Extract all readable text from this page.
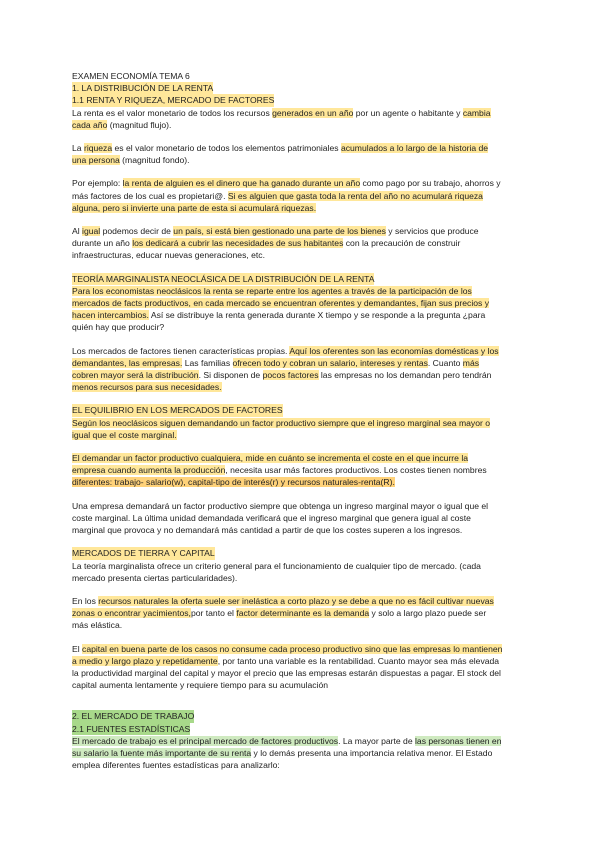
EXAMEN ECONOMÍA TEMA 6
1. LA DISTRIBUCIÓN DE LA RENTA
1.1 RENTA Y RIQUEZA, MERCADO DE FACTORES
La renta es el valor monetario de todos los recursos generados en un año por un agente o habitante y cambia
cada año (magnitud flujo).
La riqueza es el valor monetario de todos los elementos patrimoniales acumulados a lo largo de la historia de
una persona (magnitud fondo).
Por ejemplo: la renta de alguien es el dinero que ha ganado durante un año como pago por su trabajo, ahorros y
más factores de los cual es propietari@. Si es alguien que gasta toda la renta del año no acumulará riqueza
alguna, pero si invierte una parte de esta si acumulará riquezas.
Al igual podemos decir de un país, si está bien gestionado una parte de los bienes y servicios que produce
durante un año los dedicará a cubrir las necesidades de sus habitantes con la precaución de construir
infraestructuras, educar nuevas generaciones, etc.
TEORÍA MARGINALISTA NEOCLÁSICA DE LA DISTRIBUCIÓN DE LA RENTA
Para los economistas neoclásicos la renta se reparte entre los agentes a través de la participación de los
mercados de facts productivos, en cada mercado se encuentran oferentes y demandantes, fijan sus precios y
hacen intercambios. Así se distribuye la renta generada durante X tiempo y se responde a la pregunta ¿para
quién hay que producir?
Los mercados de factores tienen características propias. Aquí los oferentes son las economías domésticas y los
demandantes, las empresas. Las familias ofrecen todo y cobran un salario, intereses y rentas. Cuanto más
cobren mayor será la distribución. Si disponen de pocos factores las empresas no los demandan pero tendrán
menos recursos para sus necesidades.
EL EQUILIBRIO EN LOS MERCADOS DE FACTORES
Según los neoclásicos siguen demandando un factor productivo siempre que el ingreso marginal sea mayor o
igual que el coste marginal.
El demandar un factor productivo cualquiera, mide en cuánto se incrementa el coste en el que incurre la
empresa cuando aumenta la producción, necesita usar más factores productivos. Los costes tienen nombres
diferentes: trabajo- salario(w), capital-tipo de interés(r) y recursos naturales-renta(R).
Una empresa demandará un factor productivo siempre que obtenga un ingreso marginal mayor o igual que el
coste marginal. La última unidad demandada verificará que el ingreso marginal que genera igual al coste
marginal que provoca y no demandará más cantidad a partir de que los costes superen a los ingresos.
MERCADOS DE TIERRA Y CAPITAL
La teoría marginalista ofrece un criterio general para el funcionamiento de cualquier tipo de mercado. (cada
mercado presenta ciertas particularidades).
En los recursos naturales la oferta suele ser inelástica a corto plazo y se debe a que no es fácil cultivar nuevas
zonas o encontrar yacimientos,por tanto el factor determinante es la demanda y solo a largo plazo puede ser
más elástica.
El capital en buena parte de los casos no consume cada proceso productivo sino que las empresas lo mantienen
a medio y largo plazo y repetidamente, por tanto una variable es la rentabilidad. Cuanto mayor sea más elevada
la productividad marginal del capital y mayor el precio que las empresas estarán dispuestas a pagar. El stock del
capital aumenta lentamente y requiere tiempo para su acumulación
2. EL MERCADO DE TRABAJO
2.1 FUENTES ESTADÍSTICAS
El mercado de trabajo es el principal mercado de factores productivos. La mayor parte de las personas tienen en
su salario la fuente más importante de su renta y lo demás presenta una importancia relativa menor. El Estado
emplea diferentes fuentes estadísticas para analizarlo:
